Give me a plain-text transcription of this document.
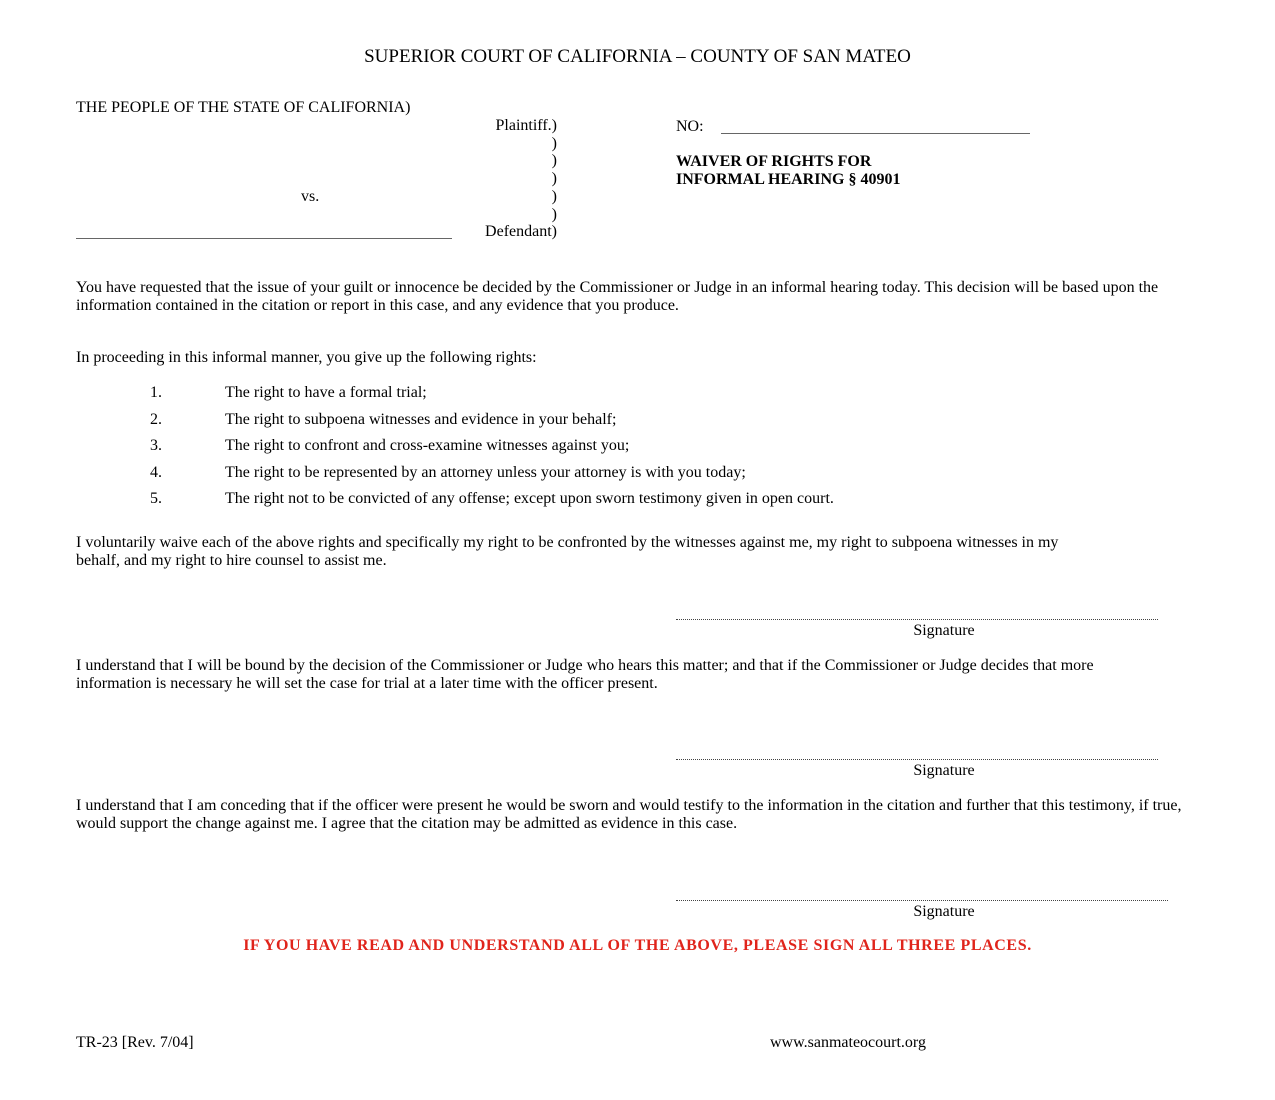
SUPERIOR COURT OF CALIFORNIA – COUNTY OF SAN MATEO
THE PEOPLE OF THE STATE OF CALIFORNIA)
Plaintiff.)
)
)
)
vs.	)
)
Defendant)
NO:
WAIVER OF RIGHTS FOR
INFORMAL HEARING § 40901
You have requested that the issue of your guilt or innocence be decided by the Commissioner or Judge in an informal hearing today. This decision will be based upon the information contained in the citation or report in this case, and any evidence that you produce.
In proceeding in this informal manner, you give up the following rights:
1.	The right to have a formal trial;
2.	The right to subpoena witnesses and evidence in your behalf;
3.	The right to confront and cross-examine witnesses against you;
4.	The right to be represented by an attorney unless your attorney is with you today;
5.	The right not to be convicted of any offense; except upon sworn testimony given in open court.
I voluntarily waive each of the above rights and specifically my right to be confronted by the witnesses against me, my right to subpoena witnesses in my behalf, and my right to hire counsel to assist me.
Signature
I understand that I will be bound by the decision of the Commissioner or Judge who hears this matter; and that if the Commissioner or Judge decides that more information is necessary he will set the case for trial at a later time with the officer present.
Signature
I understand that I am conceding that if the officer were present he would be sworn and would testify to the information in the citation and further that this testimony, if true, would support the change against me. I agree that the citation may be admitted as evidence in this case.
Signature
IF YOU HAVE READ AND UNDERSTAND ALL OF THE ABOVE, PLEASE SIGN ALL THREE PLACES.
TR-23 [Rev. 7/04]	www.sanmateocourt.org
